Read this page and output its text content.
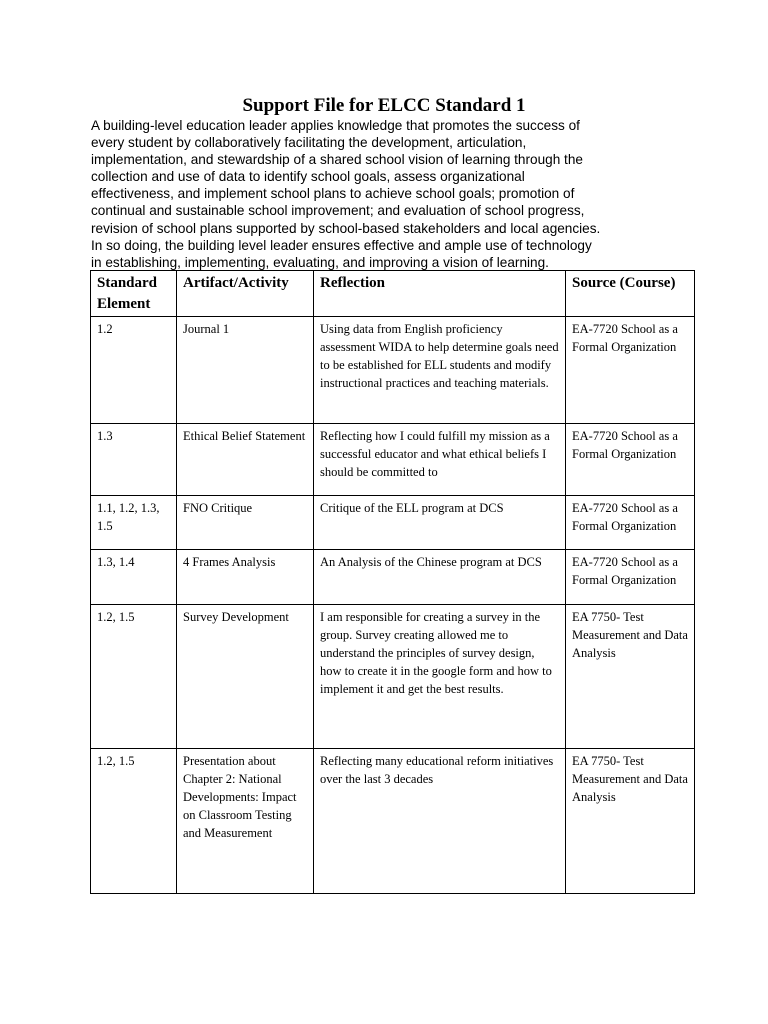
Support File for ELCC Standard 1
A building-level education leader applies knowledge that promotes the success of
every student by collaboratively facilitating the development, articulation,
implementation, and stewardship of a shared school vision of learning through the
collection and use of data to identify school goals, assess organizational
effectiveness, and implement school plans to achieve school goals; promotion of
continual and sustainable school improvement; and evaluation of school progress,
revision of school plans supported by school-based stakeholders and local agencies.
In so doing, the building level leader ensures effective and ample use of technology
in establishing, implementing, evaluating, and improving a vision of learning.
Standard Element	Artifact/Activity	Reflection	Source (Course)
1.2	Journal 1	Using data from English proficiency assessment WIDA to help determine goals need to be established for ELL students and modify instructional practices and teaching materials.	EA-7720 School as a Formal Organization
1.3	Ethical Belief Statement	Reflecting how I could fulfill my mission as a successful educator and what ethical beliefs I should be committed to	EA-7720 School as a Formal Organization
1.1, 1.2, 1.3, 1.5	FNO Critique	Critique of the ELL program at DCS	EA-7720 School as a Formal Organization
1.3, 1.4	4 Frames Analysis	An Analysis of the Chinese program at DCS	EA-7720 School as a Formal Organization
1.2, 1.5	Survey Development	I am responsible for creating a survey in the group. Survey creating allowed me to understand the principles of survey design, how to create it in the google form and how to implement it and get the best results.	EA 7750- Test Measurement and Data Analysis
1.2, 1.5	Presentation about Chapter 2: National Developments: Impact on Classroom Testing and Measurement	Reflecting many educational reform initiatives over the last 3 decades	EA 7750- Test Measurement and Data Analysis
